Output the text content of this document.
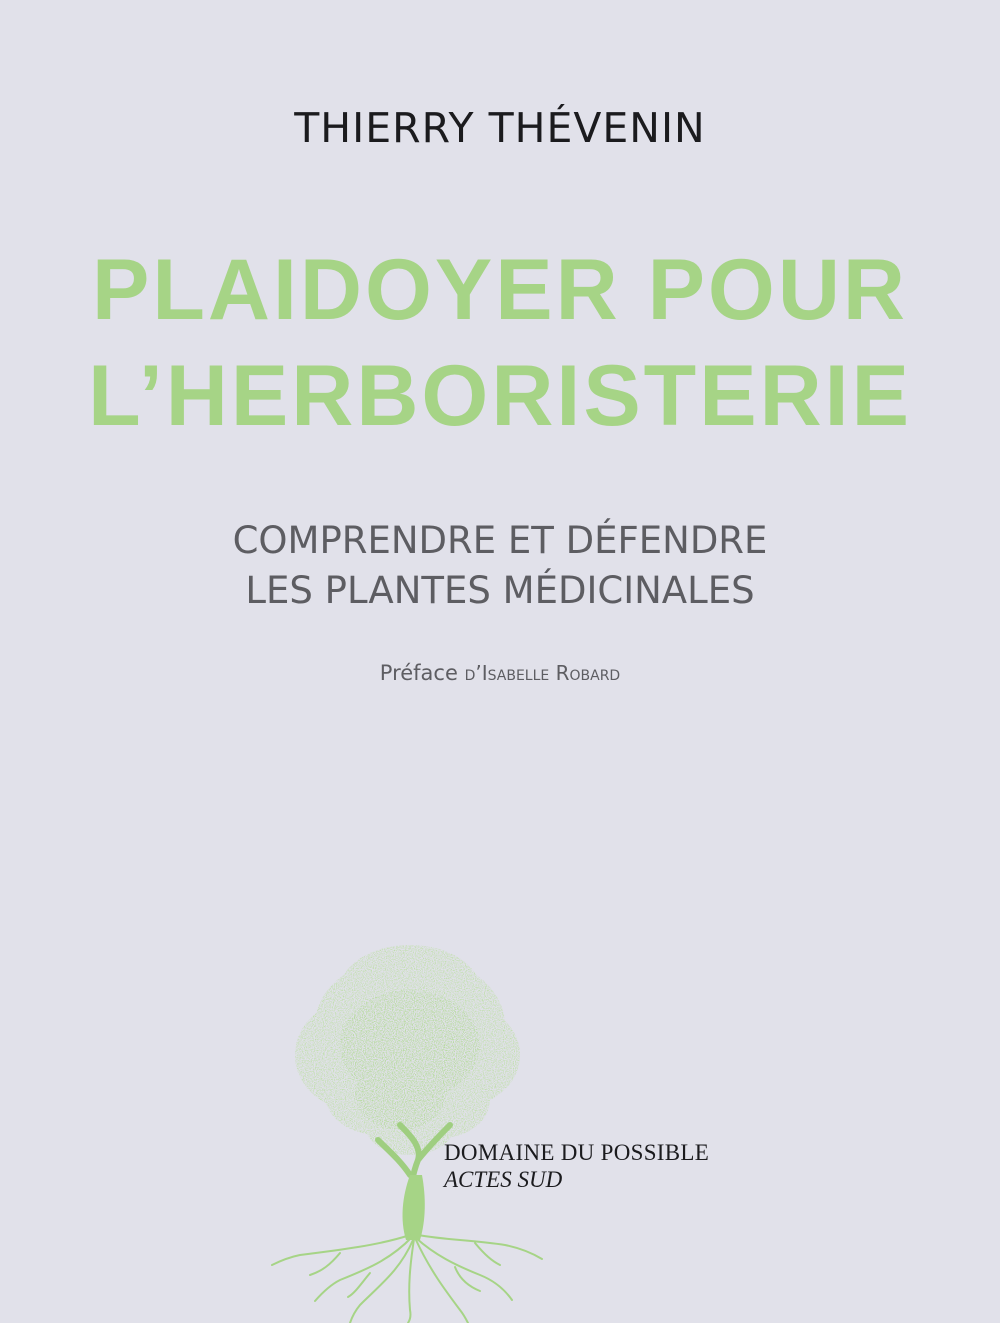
THIERRY THÉVENIN
PLAIDOYER POUR
L’HERBORISTERIE
COMPRENDRE ET DÉFENDRE
LES PLANTES MÉDICINALES
Préface d’Isabelle Robard
DOMAINE DU POSSIBLE
ACTES SUD
